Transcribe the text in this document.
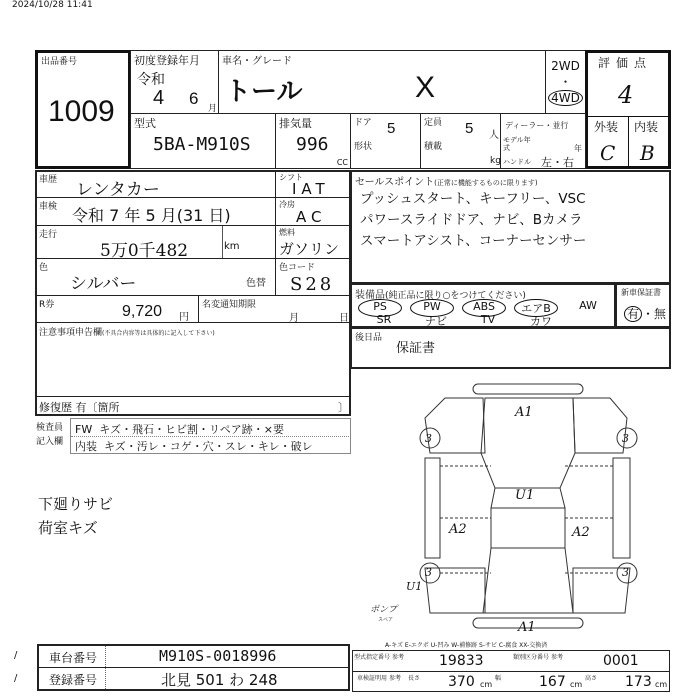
2024/10/28 11:41
出品番号
1009
初度登録年月
令和
4 6
月
車名・グレード
トール	X
2WD
・
4WD
評価点
4
外装 内装
C B
型式
5BA-M910S
排気量
996
CC
ドア 5
形状
定員 5 人
積載
kg
ディーラー・並行
モデル年式	年
ハンドル 左・右
車歴 レンタカー
シフト
IAT
車検 令和 7 年 5 月(31 日)
冷房
AC
走行
5万0千482	km
燃料
ガソリン
色
シルバー	色替
色コード
S28
R券	9,720 円
名変通知期限
月	日
注意事項申告欄(不具合内容等は具体的に記入して下さい)
修復歴 有〔箇所	〕
検査員
記入欄
FW キズ・飛石・ヒビ割・リペア跡・×要
内装 キズ・汚レ・コゲ・穴・スレ・キレ・破レ
下廻りサビ
荷室キズ
セールスポイント(正常に機能するものに限ります)
プッシュスタート、キーフリー、VSC
パワースライドドア、ナビ、Bカメラ
スマートアシスト、コーナーセンサー
装備品(純正品に限り○をつけてください)
PS	PW	ABS	エアB	AW
SR	ナビ	TV	カワ
新車保証書
有 ・無
後日品
保証書
A1
U1
A2	A2
A1
3	3
3	3
U1
ポンプ
スペア
A-キズ E-エクボ U-凹み W-補修跡 S-サビ C-腐食 XX-交換済
/
/
車台番号	M910S-0018996
登録番号	北見 501 わ 248
型式指定番号 参考	19833	類別区分番号 参考	0001
車検証明用 参考	長さ 370 cm
幅	167 cm
高さ 173 cm
